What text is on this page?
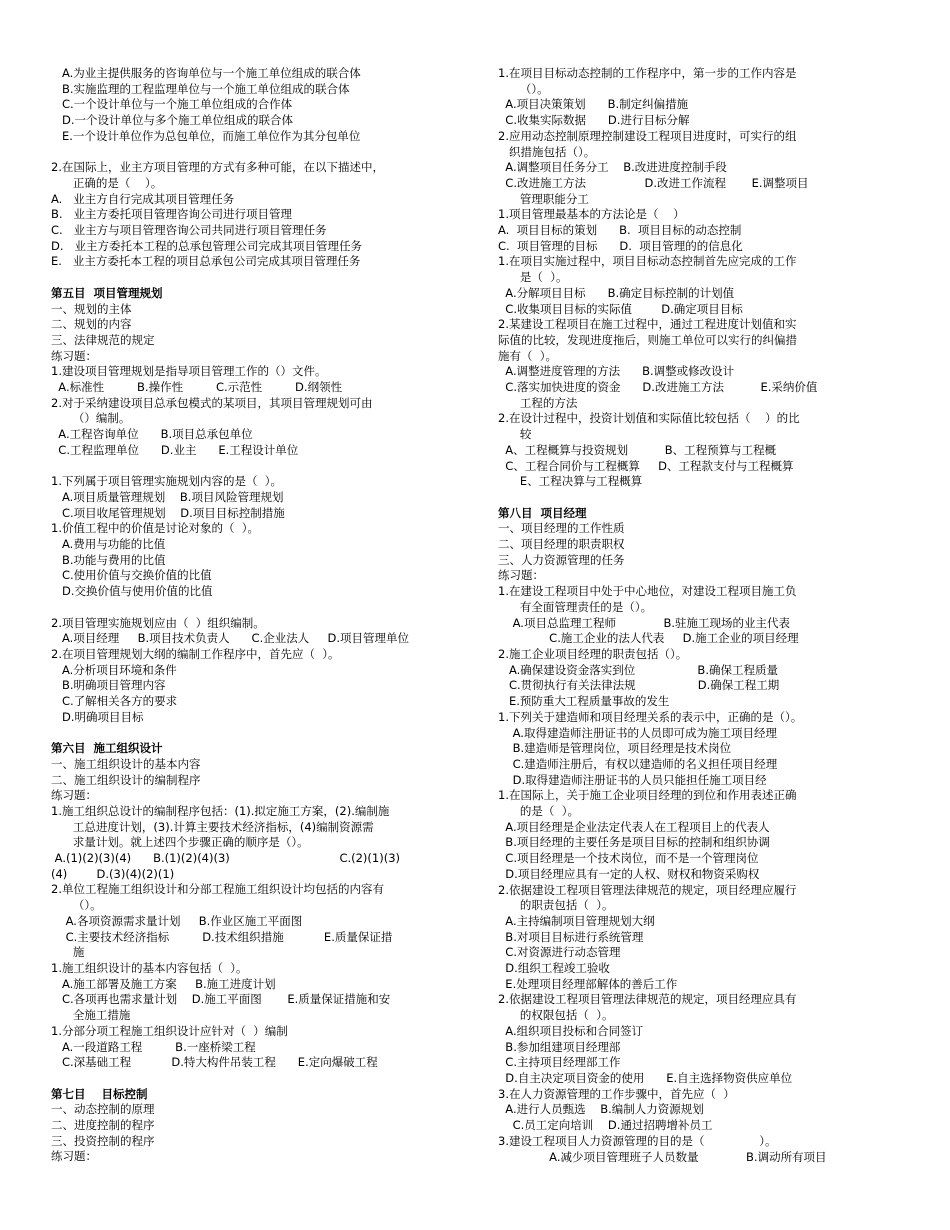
A.为业主提供服务的咨询单位与一个施工单位组成的联合体
B.实施监理的工程监理单位与一个施工单位组成的联合体
C.一个设计单位与一个施工单位组成的合作体
D.一个设计单位与多个施工单位组成的联合体
E.一个设计单位作为总包单位，而施工单位作为其分包单位
2.在国际上，业主方项目管理的方式有多种可能，在以下描述中，
正确的是（    ）。
A.   业主方自行完成其项目管理任务
B.   业主方委托项目管理咨询公司进行项目管理
C.   业主方与项目管理咨询公司共同进行项目管理任务
D.   业主方委托本工程的总承包管理公司完成其项目管理任务
E.   业主方委托本工程的项目总承包公司完成其项目管理任务
第五目  项目管理规划
一、规划的主体
二、规划的内容
三、法律规范的规定
练习题：
1.建设项目管理规划是指导项目管理工作的（）文件。
A.标准性         B.操作性         C.示范性         D.纲领性
2.对于采纳建设项目总承包模式的某项目，其项目管理规划可由
（）编制。
A.工程咨询单位      B.项目总承包单位
C.工程监理单位      D.业主      E.工程设计单位
1.下列属于项目管理实施规划内容的是（  ）。
A.项目质量管理规划    B.项目风险管理规划
C.项目收尾管理规划    D.项目目标控制措施
1.价值工程中的价值是讨论对象的（  ）。
A.费用与功能的比值
B.功能与费用的比值
C.使用价值与交换价值的比值
D.交换价值与使用价值的比值
2.项目管理实施规划应由（  ）组织编制。
A.项目经理     B.项目技术负责人      C.企业法人     D.项目管理单位
2.在项目管理规划大纲的编制工作程序中，首先应（  ）。
A.分析项目环境和条件
B.明确项目管理内容
C.了解相关各方的要求
D.明确项目目标
第六目  施工组织设计
一、施工组织设计的基本内容
二、施工组织设计的编制程序
练习题：
1.施工组织总设计的编制程序包括：(1).拟定施工方案，(2).编制施
工总进度计划，(3).计算主要技术经济指标，(4)编制资源需
求量计划。就上述四个步骤正确的顺序是（）。
A.(1)(2)(3)(4)      B.(1)(2)(4)(3)                              C.(2)(1)(3)
(4)        D.(3)(4)(2)(1)
2.单位工程施工组织设计和分部工程施工组织设计均包括的内容有
（）。
A.各项资源需求量计划     B.作业区施工平面图
C.主要技术经济指标         D.技术组织措施           E.质量保证措
施
1.施工组织设计的基本内容包括（  ）。
A.施工部署及施工方案     B.施工进度计划
C.各项再也需求量计划    D.施工平面图       E.质量保证措施和安
全施工措施
1.分部分项工程施工组织设计应针对（  ）编制
A.一段道路工程         B.一座桥梁工程
C.深基础工程           D.特大构件吊装工程      E.定向爆破工程
第七目    目标控制
一、动态控制的原理
二、进度控制的程序
三、投资控制的程序
练习题：
1.在项目目标动态控制的工作程序中，第一步的工作内容是
（）。
A.项目决策策划      B.制定纠偏措施
C.收集实际数据      D.进行目标分解
2.应用动态控制原理控制建设工程项目进度时，可实行的组
织措施包括（）。
A.调整项目任务分工    B.改进进度控制手段
C.改进施工方法                D.改进工作流程       E.调整项目
管理职能分工
1.项目管理最基本的方法论是（    ）
A.  项目目标的策划      B.  项目目标的动态控制
C.  项目管理的目标      D.  项目管理的的信息化
1.在项目实施过程中，项目目标动态控制首先应完成的工作
是（  ）。
A.分解项目目标      B.确定目标控制的计划值
C.收集项目目标的实际值        D.确定项目目标
2.某建设工程项目在施工过程中，通过工程进度计划值和实
际值的比较，发现进度拖后，则施工单位可以实行的纠偏措
施有（  ）。
A.调整进度管理的方法      B.调整或修改设计
C.落实加快进度的资金      D.改进施工方法          E.采纳价值
工程的方法
2.在设计过程中，投资计划值和实际值比较包括（    ）的比
较
A、工程概算与投资规划          B、工程预算与工程概
C、工程合同价与工程概算     D、工程款支付与工程概算
E、工程决算与工程概算
第八目  项目经理
一、项目经理的工作性质
二、项目经理的职责职权
三、人力资源管理的任务
练习题：
1.在建设工程项目中处于中心地位，对建设工程项目施工负
有全面管理责任的是（）。
A.项目总监理工程师             B.驻施工现场的业主代表
C.施工企业的法人代表     D.施工企业的项目经理
2.施工企业项目经理的职责包括（）。
A.确保建设资金落实到位                 B.确保工程质量
C.贯彻执行有关法律法规                 D.确保工程工期
E.预防重大工程质量事故的发生
1.下列关于建造师和项目经理关系的表示中，正确的是（）。
A.取得建造师注册证书的人员即可成为施工项目经理
B.建造师是管理岗位，项目经理是技术岗位
C.建造师注册后，有权以建造师的名义担任项目经理
D.取得建造师注册证书的人员只能担任施工项目经
1.在国际上，关于施工企业项目经理的到位和作用表述正确
的是（  ）。
A.项目经理是企业法定代表人在工程项目上的代表人
B.项目经理的主要任务是项目目标的控制和组织协调
C.项目经理是一个技术岗位，而不是一个管理岗位
D.项目经理应具有一定的人权、财权和物资采购权
2.依据建设工程项目管理法律规范的规定，项目经理应履行
的职责包括（  ）。
A.主持编制项目管理规划大纲
B.对项目目标进行系统管理
C.对资源进行动态管理
D.组织工程竣工验收
E.处理项目经理部解体的善后工作
2.依据建设工程项目管理法律规范的规定，项目经理应具有
的权限包括（  ）。
A.组织项目投标和合同签订
B.参加组建项目经理部
C.主持项目经理部工作
D.自主决定项目资金的使用      E.自主选择物资供应单位
3.在人力资源管理的工作步骤中，首先应（  ）
A.进行人员甄选    B.编制人力资源规划
C.员工定向培训    D.通过招聘增补员工
3.建设工程项目人力资源管理的目的是（               ）。
A.减少项目管理班子人员数量             B.调动所有项目
